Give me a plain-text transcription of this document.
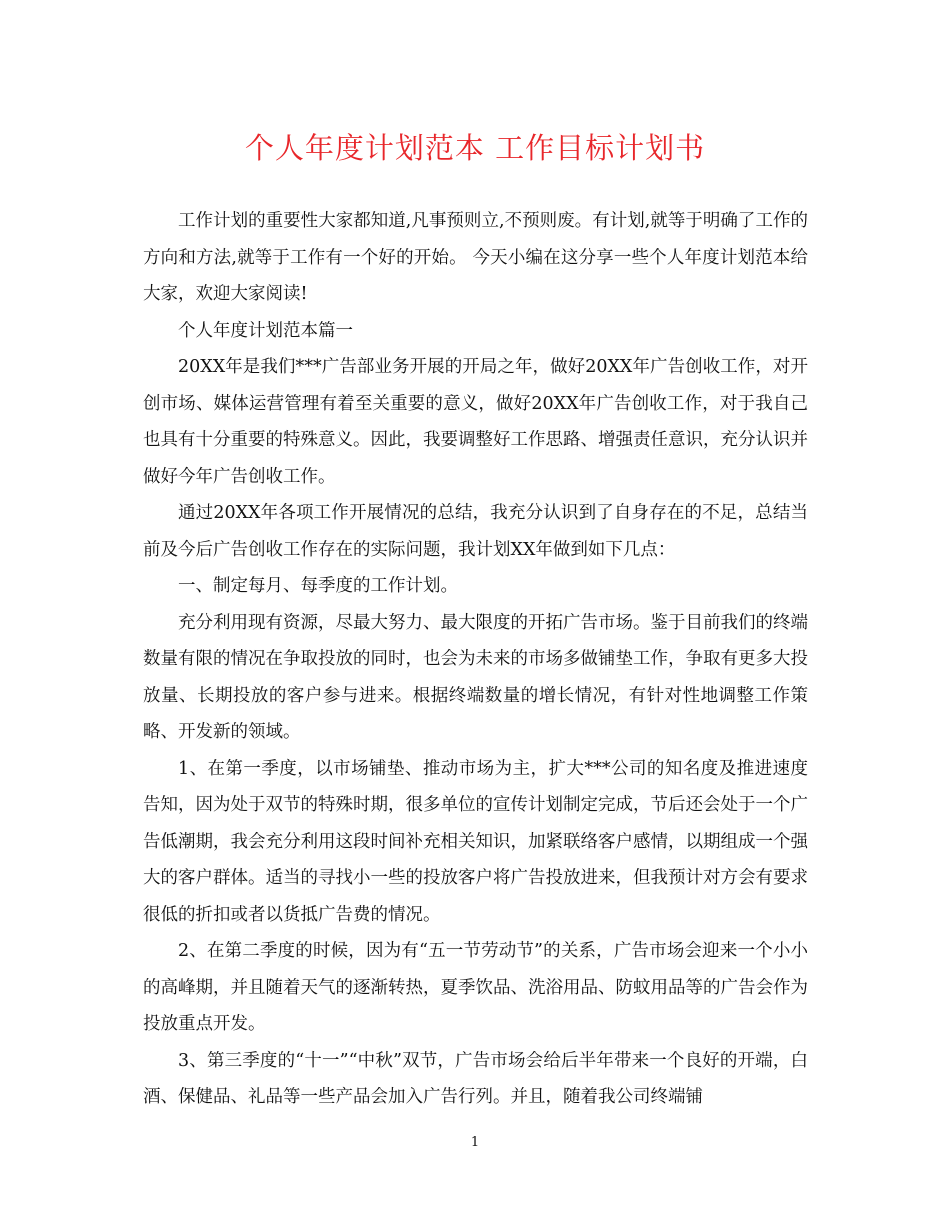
个人年度计划范本 工作目标计划书

工作计划的重要性大家都知道,凡事预则立,不预则废。有计划,就等于明确了工作的方向和方法,就等于工作有一个好的开始。 今天小编在这分享一些个人年度计划范本给大家，欢迎大家阅读!

个人年度计划范本篇一

20XX年是我们***广告部业务开展的开局之年，做好20XX年广告创收工作，对开创市场、媒体运营管理有着至关重要的意义，做好20XX年广告创收工作，对于我自己也具有十分重要的特殊意义。因此，我要调整好工作思路、增强责任意识，充分认识并做好今年广告创收工作。

通过20XX年各项工作开展情况的总结，我充分认识到了自身存在的不足，总结当前及今后广告创收工作存在的实际问题，我计划XX年做到如下几点：

一、制定每月、每季度的工作计划。

充分利用现有资源，尽最大努力、最大限度的开拓广告市场。鉴于目前我们的终端数量有限的情况在争取投放的同时，也会为未来的市场多做铺垫工作，争取有更多大投放量、长期投放的客户参与进来。根据终端数量的增长情况，有针对性地调整工作策略、开发新的领域。

1、在第一季度，以市场铺垫、推动市场为主，扩大***公司的知名度及推进速度告知，因为处于双节的特殊时期，很多单位的宣传计划制定完成，节后还会处于一个广告低潮期，我会充分利用这段时间补充相关知识，加紧联络客户感情，以期组成一个强大的客户群体。适当的寻找小一些的投放客户将广告投放进来，但我预计对方会有要求很低的折扣或者以货抵广告费的情况。

2、在第二季度的时候，因为有“五一节劳动节”的关系，广告市场会迎来一个小小的高峰期，并且随着天气的逐渐转热，夏季饮品、洗浴用品、防蚊用品等的广告会作为投放重点开发。

3、第三季度的“十一”“中秋”双节，广告市场会给后半年带来一个良好的开端，白酒、保健品、礼品等一些产品会加入广告行列。并且，随着我公司终端铺

1
